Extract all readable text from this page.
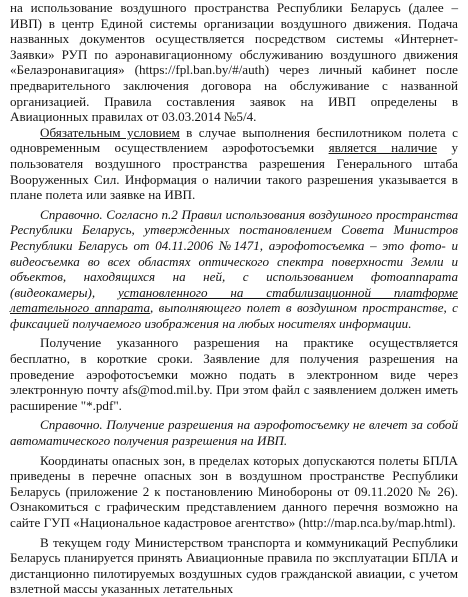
на использование воздушного пространства Республики Беларусь (далее – ИВП) в центр Единой системы организации воздушного движения. Подача названных документов осуществляется посредством системы «Интернет-Заявки» РУП по аэронавигационному обслуживанию воздушного движения «Белаэронавигация» (https://fpl.ban.by/#/auth) через личный кабинет после предварительного заключения договора на обслуживание с названной организацией. Правила составления заявок на ИВП определены в Авиационных правилах от 03.03.2014 №5/4.

Обязательным условием в случае выполнения беспилотником полета с одновременным осуществлением аэрофотосъемки является наличие у пользователя воздушного пространства разрешения Генерального штаба Вооруженных Сил. Информация о наличии такого разрешения указывается в плане полета или заявке на ИВП.

Справочно. Согласно п.2 Правил использования воздушного пространства Республики Беларусь, утвержденных постановлением Совета Министров Республики Беларусь от 04.11.2006 №1471, аэрофотосъемка – это фото- и видеосъемка во всех областях оптического спектра поверхности Земли и объектов, находящихся на ней, с использованием фотоаппарата (видеокамеры), установленного на стабилизационной платформе летательного аппарата, выполняющего полет в воздушном пространстве, с фиксацией получаемого изображения на любых носителях информации.

Получение указанного разрешения на практике осуществляется бесплатно, в короткие сроки. Заявление для получения разрешения на проведение аэрофотосъемки можно подать в электронном виде через электронную почту afs@mod.mil.by. При этом файл с заявлением должен иметь расширение "*.pdf".

Справочно. Получение разрешения на аэрофотосъемку не влечет за собой автоматического получения разрешения на ИВП.

Координаты опасных зон, в пределах которых допускаются полеты БПЛА приведены в перечне опасных зон в воздушном пространстве Республики Беларусь (приложение 2 к постановлению Минобороны от 09.11.2020 № 26). Ознакомиться с графическим представлением данного перечня возможно на сайте ГУП «Национальное кадастровое агентство» (http://map.nca.by/map.html).

В текущем году Министерством транспорта и коммуникаций Республики Беларусь планируется принять Авиационные правила по эксплуатации БПЛА и дистанционно пилотируемых воздушных судов гражданской авиации, с учетом взлетной массы указанных летательных
